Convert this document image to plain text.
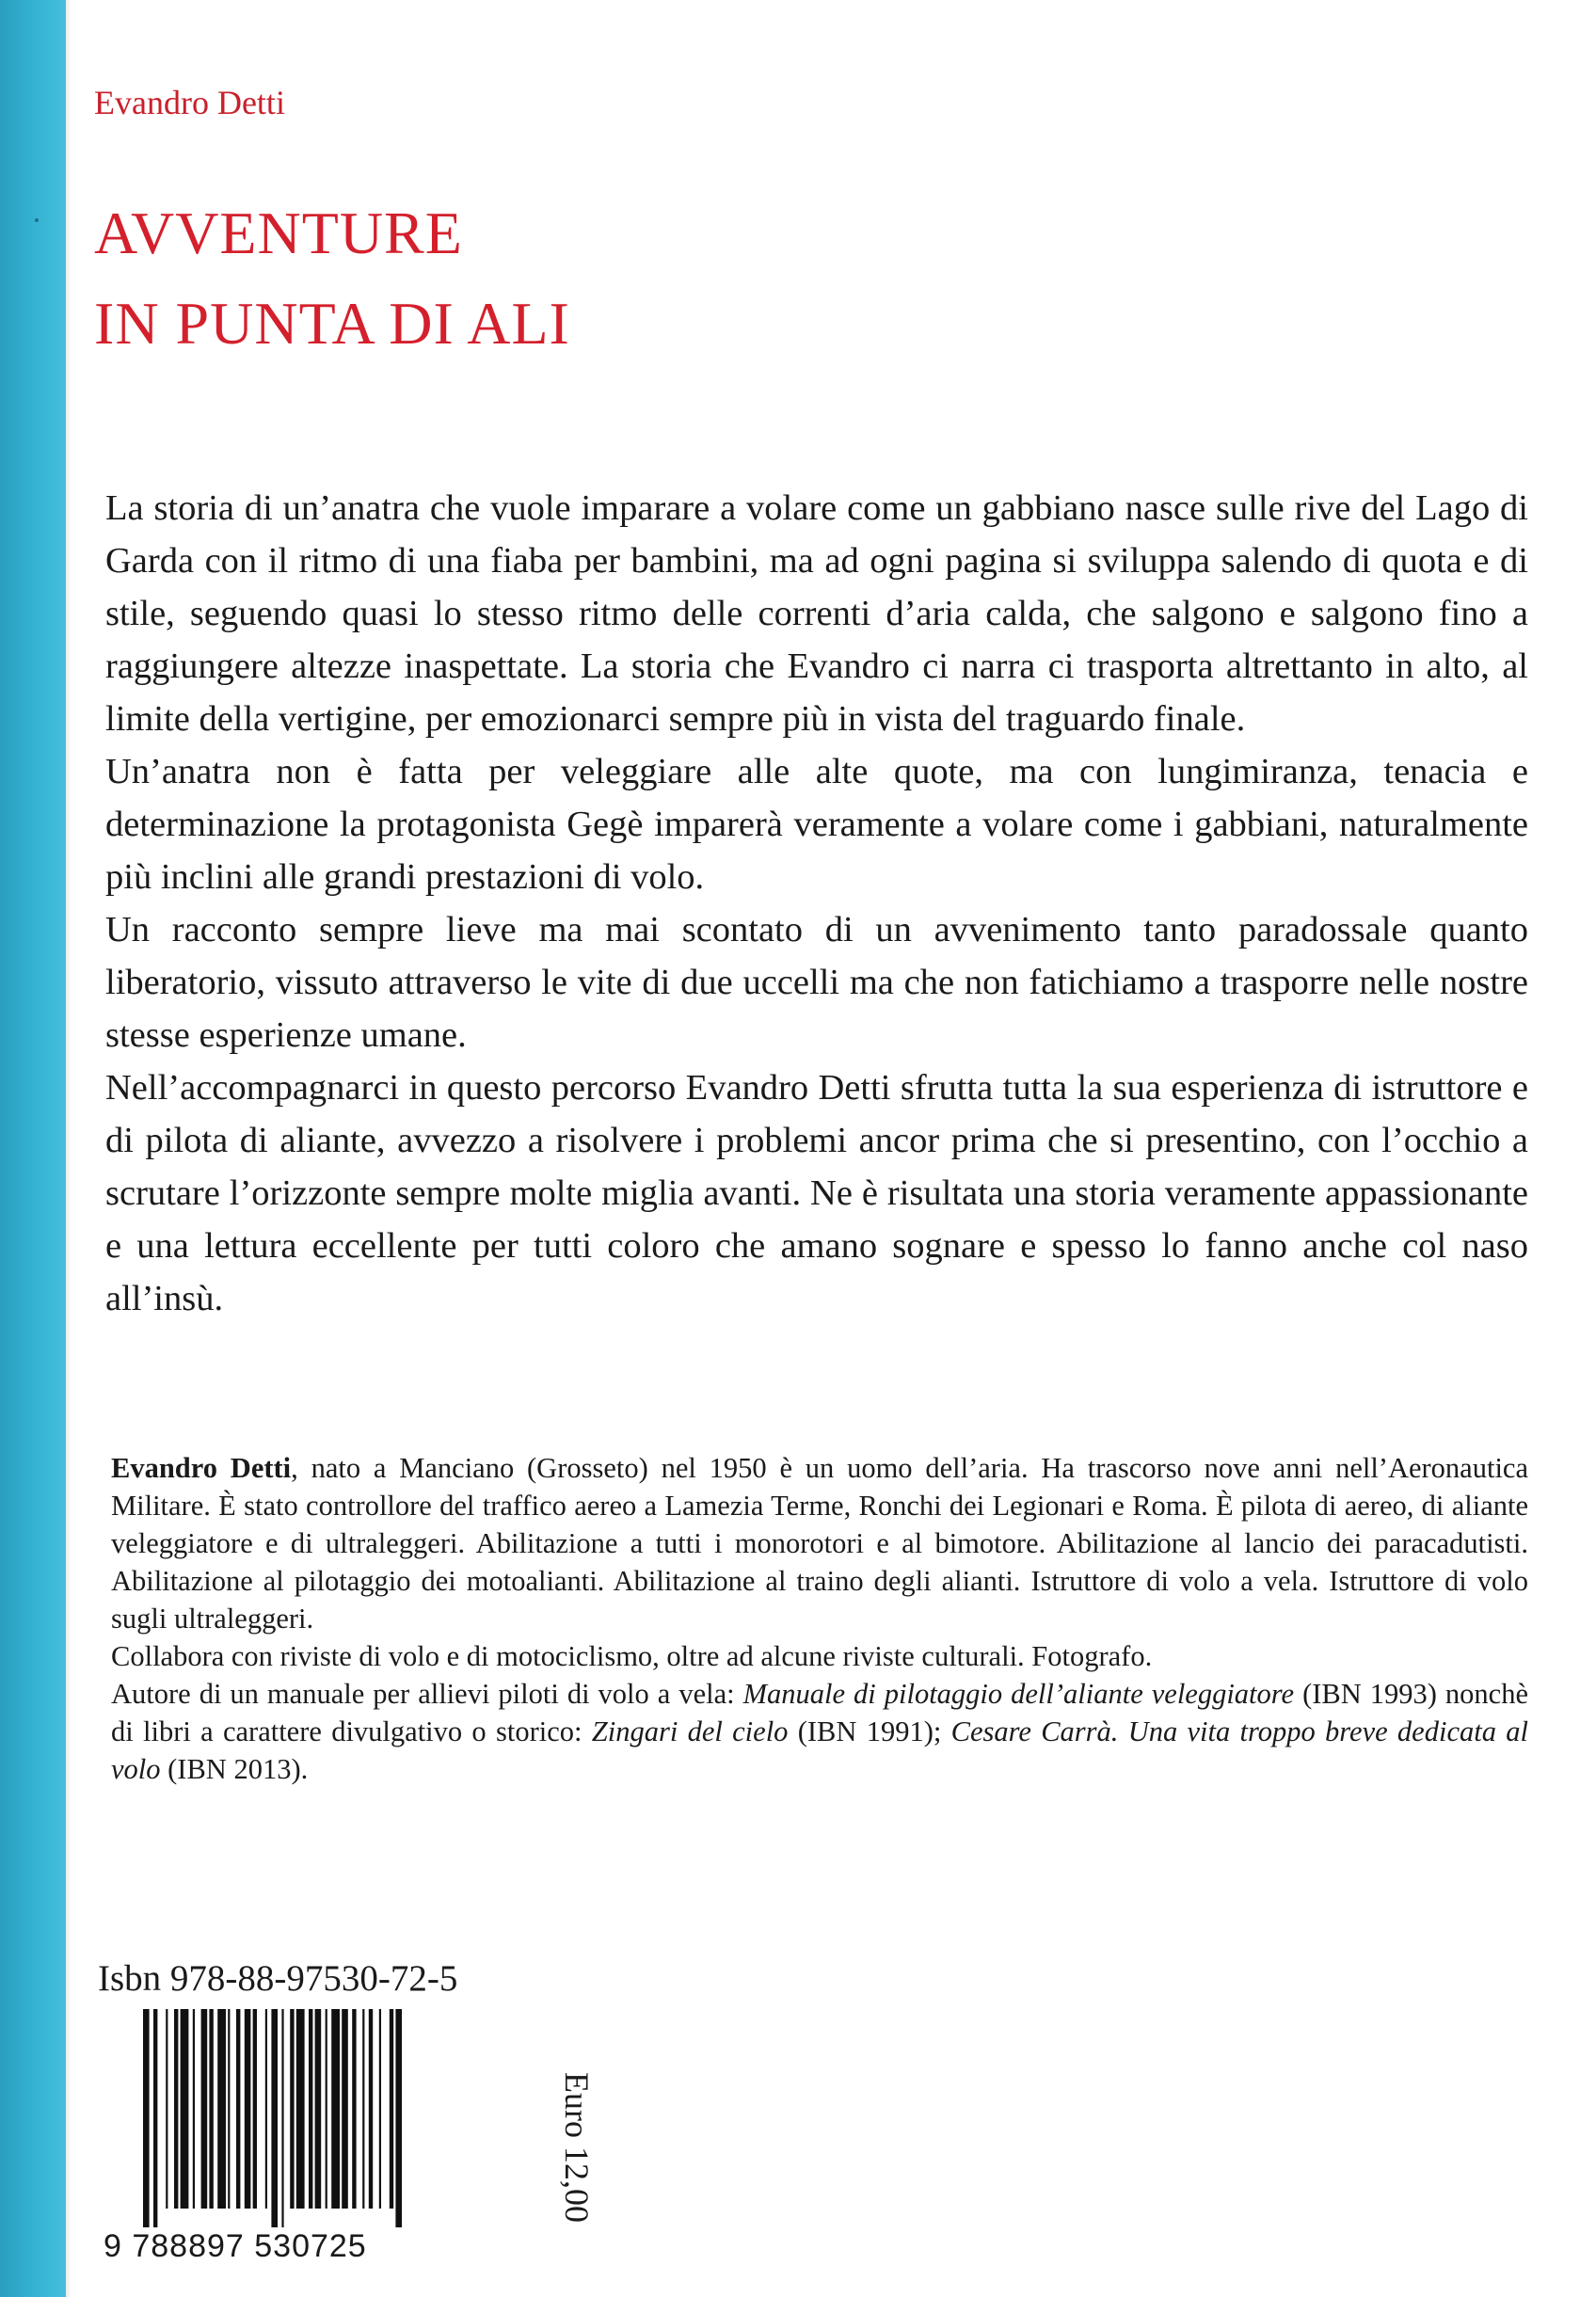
Evandro Detti
AVVENTURE
IN PUNTA DI ALI

La storia di un’anatra che vuole imparare a volare come un gabbiano nasce sulle rive del Lago di Garda con il ritmo di una fiaba per bambini, ma ad ogni pagina si sviluppa salendo di quota e di stile, seguendo quasi lo stesso ritmo delle correnti d’aria calda, che salgono e salgono fino a raggiungere altezze inaspettate. La storia che Evandro ci narra ci trasporta altrettanto in alto, al limite della vertigine, per emozionarci sempre più in vista del traguardo finale.

Un’anatra non è fatta per veleggiare alle alte quote, ma con lungimiranza, tenacia e determinazione la protagonista Gegè imparerà veramente a volare come i gabbiani, naturalmente più inclini alle grandi prestazioni di volo.

Un racconto sempre lieve ma mai scontato di un avvenimento tanto paradossale quanto liberatorio, vissuto attraverso le vite di due uccelli ma che non fatichiamo a trasporre nelle nostre stesse esperienze umane.

Nell’accompagnarci in questo percorso Evandro Detti sfrutta tutta la sua esperienza di istruttore e di pilota di aliante, avvezzo a risolvere i problemi ancor prima che si presentino, con l’occhio a scrutare l’orizzonte sempre molte miglia avanti. Ne è risultata una storia veramente appassionante e una lettura eccellente per tutti coloro che amano sognare e spesso lo fanno anche col naso all’insù.

Evandro Detti, nato a Manciano (Grosseto) nel 1950 è un uomo dell’aria. Ha trascorso nove anni nell’Aeronautica Militare. È stato controllore del traffico aereo a Lamezia Terme, Ronchi dei Legionari e Roma. È pilota di aereo, di aliante veleggiatore e di ultraleggeri. Abilitazione a tutti i monorotori e al bimotore. Abilitazione al lancio dei paracadutisti. Abilitazione al pilotaggio dei motoalianti. Abilitazione al traino degli alianti. Istruttore di volo a vela. Istruttore di volo sugli ultraleggeri.

Collabora con riviste di volo e di motociclismo, oltre ad alcune riviste culturali. Fotografo.

Autore di un manuale per allievi piloti di volo a vela: Manuale di pilotaggio dell’aliante veleggiatore (IBN 1993) nonchè di libri a carattere divulgativo o storico: Zingari del cielo (IBN 1991); Cesare Carrà. Una vita troppo breve dedicata al volo (IBN 2013).

Isbn 978-88-97530-72-5
9 788897 530725
Euro 12,00
